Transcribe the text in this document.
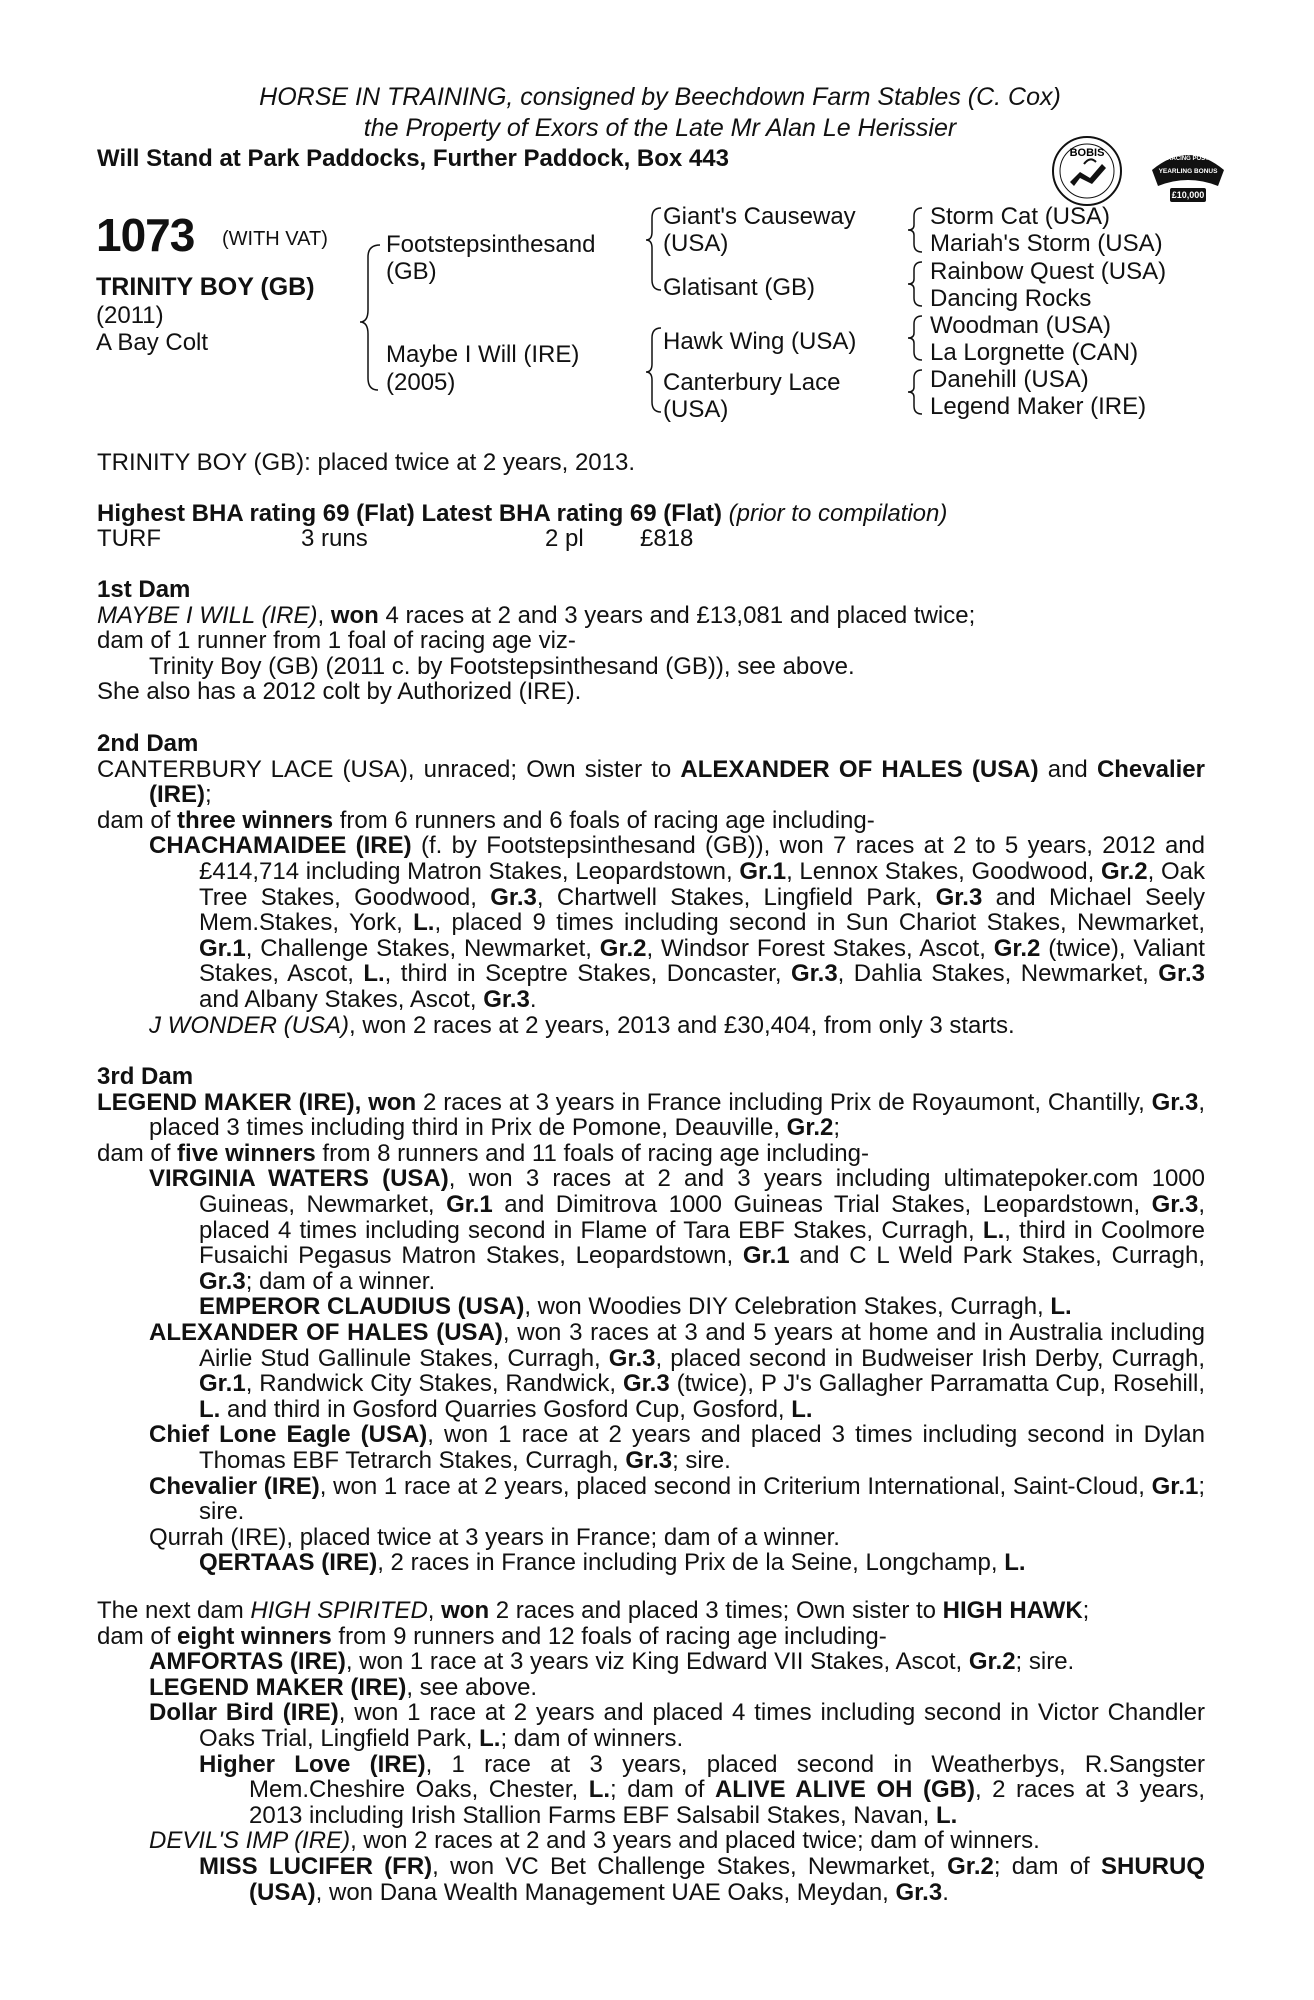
HORSE IN TRAINING, consigned by Beechdown Farm Stables (C. Cox)
the Property of Exors of the Late Mr Alan Le Herissier
Will Stand at Park Paddocks, Further Paddock, Box 443	BOBIS	RACING POST
YEARLING BONUS
£10,000
1073 (WITH VAT)
TRINITY BOY (GB)
(2011)
A Bay Colt
Footstepsinthesand
(GB)
Maybe I Will (IRE)
(2005)
Giant's Causeway
(USA)
Glatisant (GB)
Hawk Wing (USA)
Canterbury Lace
(USA)
Storm Cat (USA)
Mariah's Storm (USA)
Rainbow Quest (USA)
Dancing Rocks
Woodman (USA)
La Lorgnette (CAN)
Danehill (USA)
Legend Maker (IRE)
TRINITY BOY (GB): placed twice at 2 years, 2013.
Highest BHA rating 69 (Flat) Latest BHA rating 69 (Flat) (prior to compilation)
TURF	3 runs	2 pl £818

1st Dam

MAYBE I WILL (IRE), won 4 races at 2 and 3 years and £13,081 and placed twice;

dam of 1 runner from 1 foal of racing age viz-

Trinity Boy (GB) (2011 c. by Footstepsinthesand (GB)), see above.

She also has a 2012 colt by Authorized (IRE).

2nd Dam

CANTERBURY LACE (USA), unraced; Own sister to ALEXANDER OF HALES (USA) and Chevalier (IRE);

dam of three winners from 6 runners and 6 foals of racing age including-

CHACHAMAIDEE (IRE) (f. by Footstepsinthesand (GB)), won 7 races at 2 to 5 years, 2012 and £414,714 including Matron Stakes, Leopardstown, Gr.1, Lennox Stakes, Goodwood, Gr.2, Oak Tree Stakes, Goodwood, Gr.3, Chartwell Stakes, Lingfield Park, Gr.3 and Michael Seely Mem.Stakes, York, L., placed 9 times including second in Sun Chariot Stakes, Newmarket, Gr.1, Challenge Stakes, Newmarket, Gr.2, Windsor Forest Stakes, Ascot, Gr.2 (twice), Valiant Stakes, Ascot, L., third in Sceptre Stakes, Doncaster, Gr.3, Dahlia Stakes, Newmarket, Gr.3 and Albany Stakes, Ascot, Gr.3.

J WONDER (USA), won 2 races at 2 years, 2013 and £30,404, from only 3 starts.

3rd Dam

LEGEND MAKER (IRE), won 2 races at 3 years in France including Prix de Royaumont, Chantilly, Gr.3, placed 3 times including third in Prix de Pomone, Deauville, Gr.2;

dam of five winners from 8 runners and 11 foals of racing age including-

VIRGINIA WATERS (USA), won 3 races at 2 and 3 years including ultimatepoker.com 1000 Guineas, Newmarket, Gr.1 and Dimitrova 1000 Guineas Trial Stakes, Leopardstown, Gr.3, placed 4 times including second in Flame of Tara EBF Stakes, Curragh, L., third in Coolmore Fusaichi Pegasus Matron Stakes, Leopardstown, Gr.1 and C L Weld Park Stakes, Curragh, Gr.3; dam of a winner.

EMPEROR CLAUDIUS (USA), won Woodies DIY Celebration Stakes, Curragh, L.

ALEXANDER OF HALES (USA), won 3 races at 3 and 5 years at home and in Australia including Airlie Stud Gallinule Stakes, Curragh, Gr.3, placed second in Budweiser Irish Derby, Curragh, Gr.1, Randwick City Stakes, Randwick, Gr.3 (twice), P J's Gallagher Parramatta Cup, Rosehill, L. and third in Gosford Quarries Gosford Cup, Gosford, L.

Chief Lone Eagle (USA), won 1 race at 2 years and placed 3 times including second in Dylan Thomas EBF Tetrarch Stakes, Curragh, Gr.3; sire.

Chevalier (IRE), won 1 race at 2 years, placed second in Criterium International, Saint-Cloud, Gr.1; sire.

Qurrah (IRE), placed twice at 3 years in France; dam of a winner.

QERTAAS (IRE), 2 races in France including Prix de la Seine, Longchamp, L.

The next dam HIGH SPIRITED, won 2 races and placed 3 times; Own sister to HIGH HAWK;

dam of eight winners from 9 runners and 12 foals of racing age including-

AMFORTAS (IRE), won 1 race at 3 years viz King Edward VII Stakes, Ascot, Gr.2; sire.

LEGEND MAKER (IRE), see above.

Dollar Bird (IRE), won 1 race at 2 years and placed 4 times including second in Victor Chandler Oaks Trial, Lingfield Park, L.; dam of winners.

Higher Love (IRE), 1 race at 3 years, placed second in Weatherbys, R.Sangster Mem.Cheshire Oaks, Chester, L.; dam of ALIVE ALIVE OH (GB), 2 races at 3 years, 2013 including Irish Stallion Farms EBF Salsabil Stakes, Navan, L.

DEVIL'S IMP (IRE), won 2 races at 2 and 3 years and placed twice; dam of winners.

MISS LUCIFER (FR), won VC Bet Challenge Stakes, Newmarket, Gr.2; dam of SHURUQ (USA), won Dana Wealth Management UAE Oaks, Meydan, Gr.3.
